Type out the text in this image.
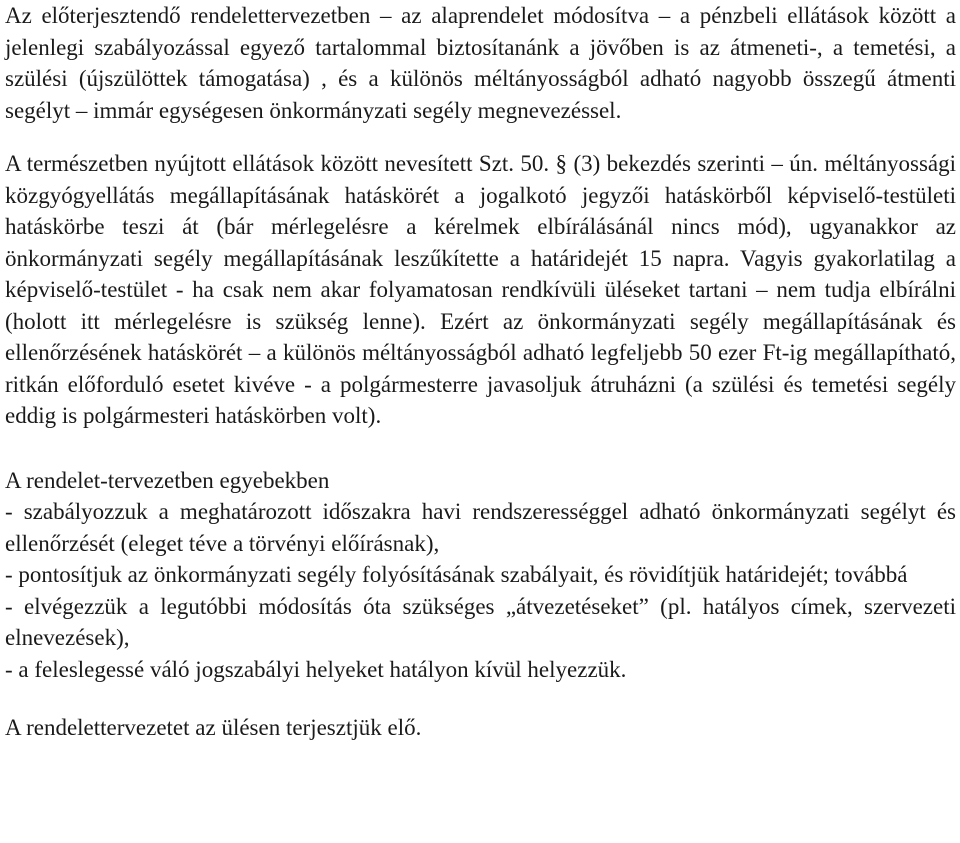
Az előterjesztendő rendelettervezetben – az alaprendelet módosítva – a pénzbeli ellátások között a jelenlegi szabályozással egyező tartalommal biztosítanánk a jövőben is az átmeneti-, a temetési, a szülési (újszülöttek támogatása) , és a különös méltányosságból adható nagyobb összegű átmenti segélyt – immár egységesen önkormányzati segély megnevezéssel.

A természetben nyújtott ellátások között nevesített Szt. 50. § (3) bekezdés szerinti – ún. méltányossági közgyógyellátás megállapításának hatáskörét a jogalkotó jegyzői hatáskörből képviselő-testületi hatáskörbe teszi át (bár mérlegelésre a kérelmek elbírálásánál nincs mód), ugyanakkor az önkormányzati segély megállapításának leszűkítette a határidejét 15 napra. Vagyis gyakorlatilag a képviselő-testület - ha csak nem akar folyamatosan rendkívüli üléseket tartani – nem tudja elbírálni (holott itt mérlegelésre is szükség lenne). Ezért az önkormányzati segély megállapításának és ellenőrzésének hatáskörét – a különös méltányosságból adható legfeljebb 50 ezer Ft-ig megállapítható, ritkán előforduló esetet kivéve - a polgármesterre javasoljuk átruházni (a szülési és temetési segély eddig is polgármesteri hatáskörben volt).

A rendelet-tervezetben egyebekben

- szabályozzuk a meghatározott időszakra havi rendszerességgel adható önkormányzati segélyt és ellenőrzését (eleget téve a törvényi előírásnak),

- pontosítjuk az önkormányzati segély folyósításának szabályait, és rövidítjük határidejét; továbbá

- elvégezzük a legutóbbi módosítás óta szükséges „átvezetéseket” (pl. hatályos címek, szervezeti elnevezések),

- a feleslegessé váló jogszabályi helyeket hatályon kívül helyezzük.

A rendelettervezetet az ülésen terjesztjük elő.
